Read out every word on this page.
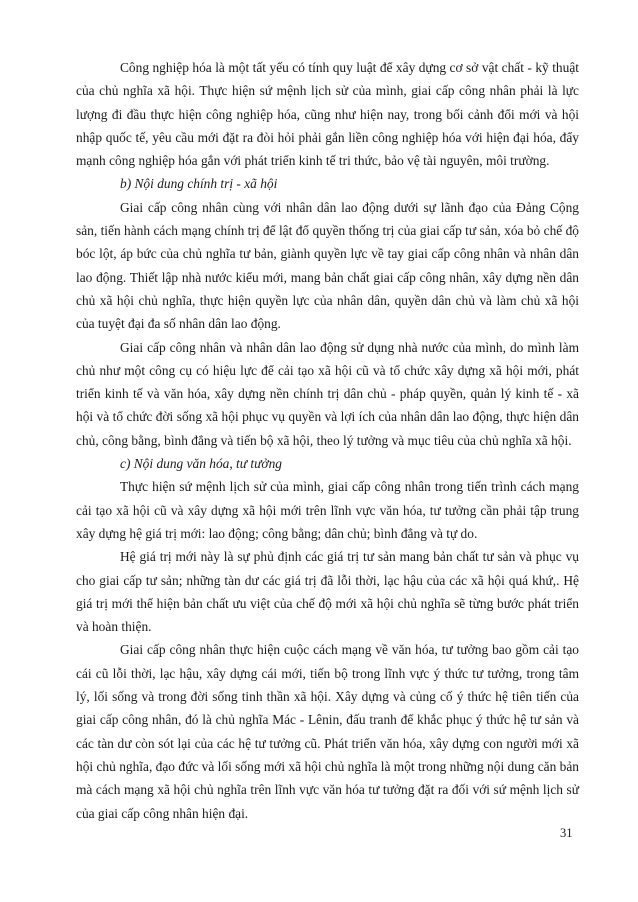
Công nghiệp hóa là một tất yếu có tính quy luật để xây dựng cơ sở vật chất - kỹ thuật của chủ nghĩa xã hội. Thực hiện sứ mệnh lịch sử của mình, giai cấp công nhân phải là lực lượng đi đầu thực hiện công nghiệp hóa, cũng như hiện nay, trong bối cảnh đổi mới và hội nhập quốc tế, yêu cầu mới đặt ra đòi hỏi phải gắn liền công nghiệp hóa với hiện đại hóa, đẩy mạnh công nghiệp hóa gắn với phát triển kinh tế tri thức, bảo vệ tài nguyên, môi trường.

b) Nội dung chính trị - xã hội

Giai cấp công nhân cùng với nhân dân lao động dưới sự lãnh đạo của Đảng Cộng sản, tiến hành cách mạng chính trị để lật đổ quyền thống trị của giai cấp tư sản, xóa bỏ chế độ bóc lột, áp bức của chủ nghĩa tư bản, giành quyền lực về tay giai cấp công nhân và nhân dân lao động. Thiết lập nhà nước kiểu mới, mang bản chất giai cấp công nhân, xây dựng nền dân chủ xã hội chủ nghĩa, thực hiện quyền lực của nhân dân, quyền dân chủ và làm chủ xã hội của tuyệt đại đa số nhân dân lao động.

Giai cấp công nhân và nhân dân lao động sử dụng nhà nước của mình, do mình làm chủ như một công cụ có hiệu lực để cải tạo xã hội cũ và tổ chức xây dựng xã hội mới, phát triển kinh tế và văn hóa, xây dựng nền chính trị dân chủ - pháp quyền, quản lý kinh tế - xã hội và tổ chức đời sống xã hội phục vụ quyền và lợi ích của nhân dân lao động, thực hiện dân chủ, công bằng, bình đẳng và tiến bộ xã hội, theo lý tưởng và mục tiêu của chủ nghĩa xã hội.

c) Nội dung văn hóa, tư tưởng

Thực hiện sứ mệnh lịch sử của mình, giai cấp công nhân trong tiến trình cách mạng cải tạo xã hội cũ và xây dựng xã hội mới trên lĩnh vực văn hóa, tư tưởng cần phải tập trung xây dựng hệ giá trị mới: lao động; công bằng; dân chủ; bình đẳng và tự do.

Hệ giá trị mới này là sự phủ định các giá trị tư sản mang bản chất tư sản và phục vụ cho giai cấp tư sản; những tàn dư các giá trị đã lỗi thời, lạc hậu của các xã hội quá khứ,. Hệ giá trị mới thể hiện bản chất ưu việt của chế độ mới xã hội chủ nghĩa sẽ từng bước phát triển và hoàn thiện.

Giai cấp công nhân thực hiện cuộc cách mạng về văn hóa, tư tưởng bao gồm cải tạo cái cũ lỗi thời, lạc hậu, xây dựng cái mới, tiến bộ trong lĩnh vực ý thức tư tưởng, trong tâm lý, lối sống và trong đời sống tinh thần xã hội. Xây dựng và củng cố ý thức hệ tiên tiến của giai cấp công nhân, đó là chủ nghĩa Mác - Lênin, đấu tranh để khắc phục ý thức hệ tư sản và các tàn dư còn sót lại của các hệ tư tưởng cũ. Phát triển văn hóa, xây dựng con người mới xã hội chủ nghĩa, đạo đức và lối sống mới xã hội chủ nghĩa là một trong những nội dung căn bản mà cách mạng xã hội chủ nghĩa trên lĩnh vực văn hóa tư tưởng đặt ra đối với sứ mệnh lịch sử của giai cấp công nhân hiện đại.

31
